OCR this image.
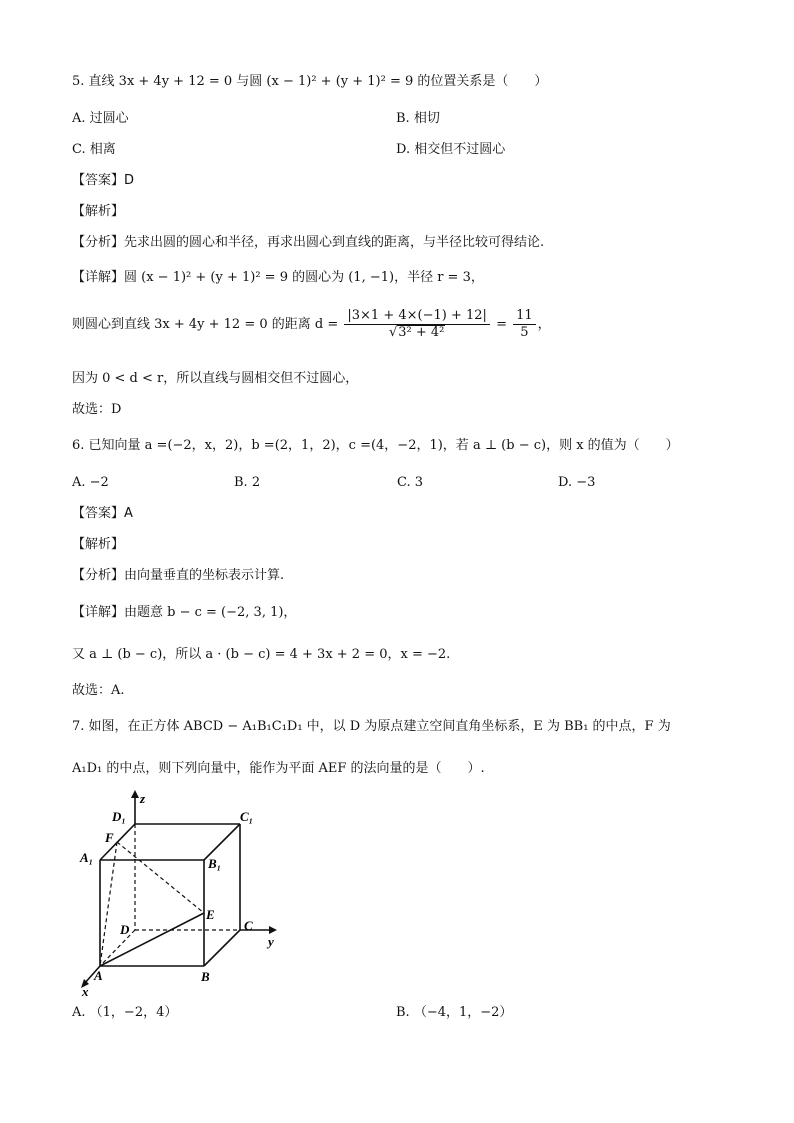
5. 直线 3x + 4y + 12 = 0 与圆 (x − 1)² + (y + 1)² = 9 的位置关系是（　　）
A. 过圆心	B. 相切
C. 相离	D. 相交但不过圆心
【答案】D
【解析】
【分析】先求出圆的圆心和半径，再求出圆心到直线的距离，与半径比较可得结论.
【详解】圆 (x − 1)² + (y + 1)² = 9 的圆心为 (1, −1)，半径 r = 3，
则圆心到直线 3x + 4y + 12 = 0 的距离 $d = \frac{|3\times 1 + 4\times(-1) + 12|}{\text{√3² + 4²}} = \frac{11}{5}$ ，
因为 0 < d < r，所以直线与圆相交但不过圆心，
故选：D
6. 已知向量 a =(−2，x，2)，b =(2，1，2)，c =(4，−2，1)，若 a ⊥ (b − c)，则 x 的值为（　　）
A. −2	B. 2	C. 3	D. −3
【答案】A
【解析】
【分析】由向量垂直的坐标表示计算.
【详解】由题意 b − c = (−2, 3, 1)，
又 a ⊥ (b − c)，所以 a · (b − c) = 4 + 3x + 2 = 0，x = −2.
故选：A.
7. 如图，在正方体 ABCD − A₁B₁C₁D₁ 中，以 D 为原点建立空间直角坐标系，E 为 BB₁ 的中点，F 为
A₁D₁ 的中点，则下列向量中，能作为平面 AEF 的法向量的是（　　）.
z
y
x
D₁	C₁
F
A₁	B₁
E
D	C
A	B
A. （1，−2，4）	B. （−4，1，−2）
